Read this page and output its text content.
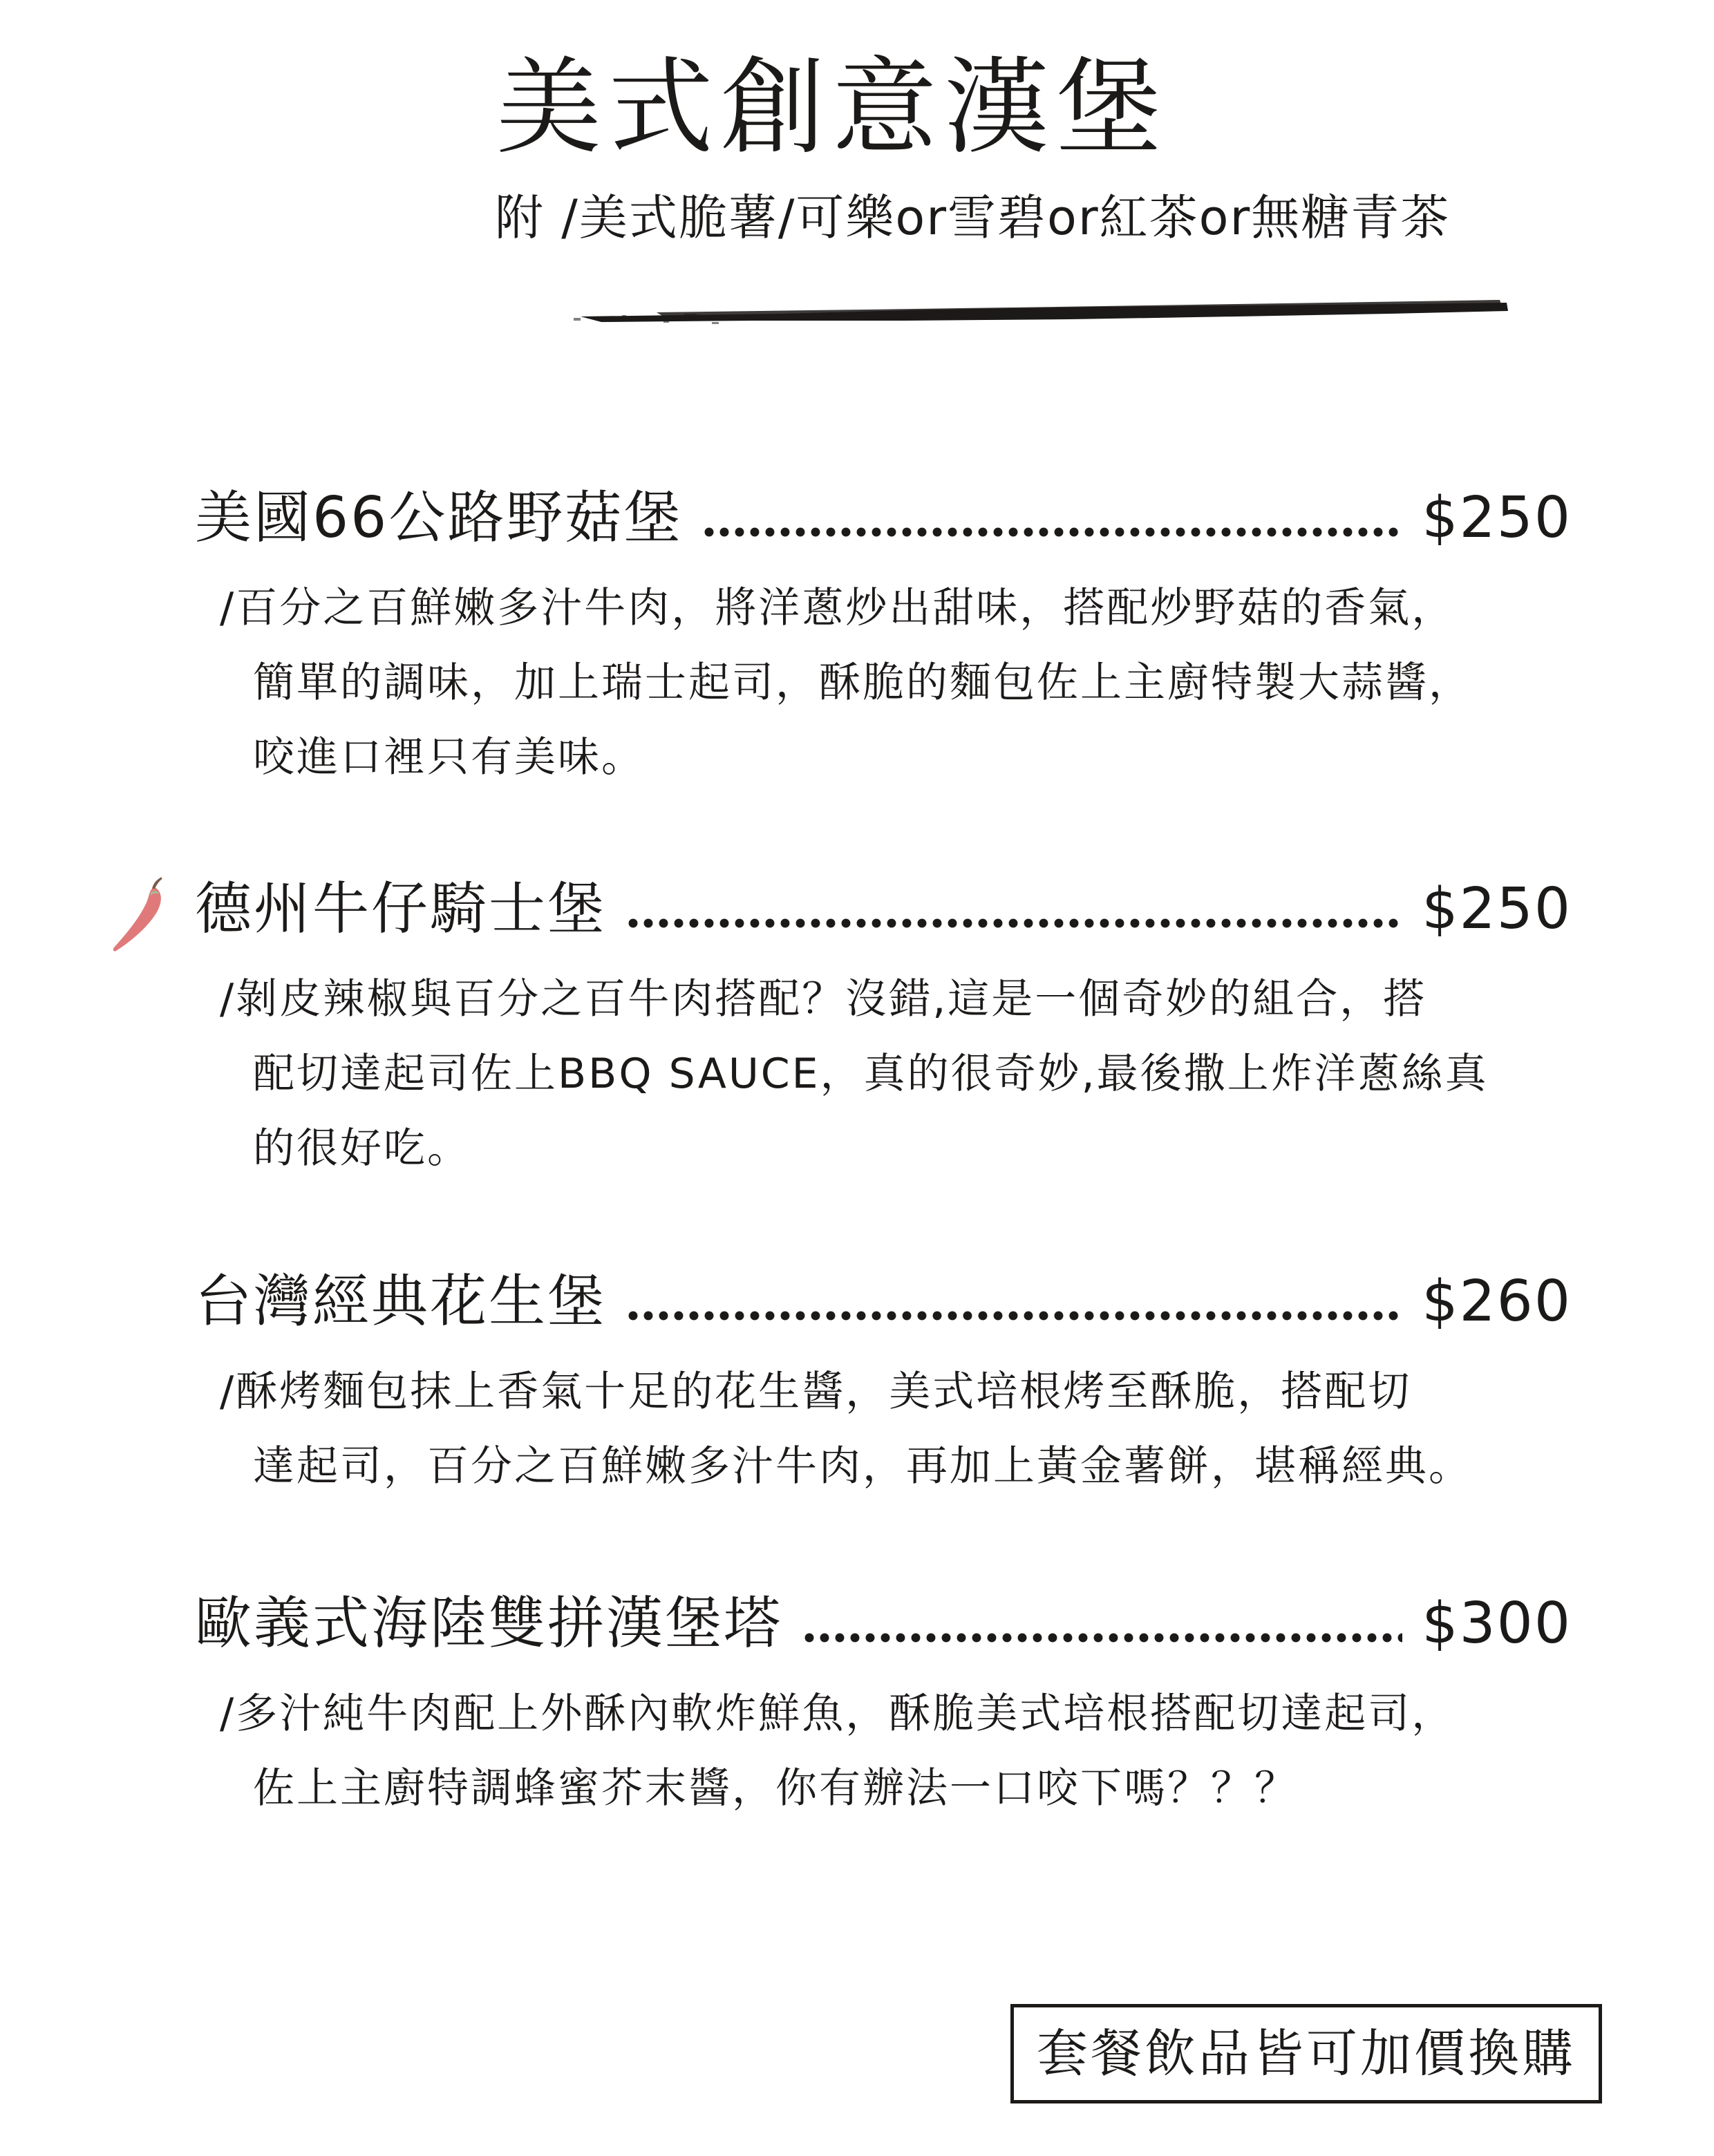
美式創意漢堡
附 /美式脆薯/可樂or雪碧or紅茶or無糖青茶
美國66公路野菇堡	$250
/百分之百鮮嫩多汁牛肉，將洋蔥炒出甜味，搭配炒野菇的香氣，
簡單的調味，加上瑞士起司，酥脆的麵包佐上主廚特製大蒜醬，
咬進口裡只有美味。
德州牛仔騎士堡	$250
/剝皮辣椒與百分之百牛肉搭配？沒錯,這是一個奇妙的組合，搭
配切達起司佐上BBQ SAUCE，真的很奇妙,最後撒上炸洋蔥絲真
的很好吃。
台灣經典花生堡	$260
/酥烤麵包抹上香氣十足的花生醬，美式培根烤至酥脆，搭配切
達起司，百分之百鮮嫩多汁牛肉，再加上黃金薯餅，堪稱經典。
歐義式海陸雙拼漢堡塔	$300
/多汁純牛肉配上外酥內軟炸鮮魚，酥脆美式培根搭配切達起司，
佐上主廚特調蜂蜜芥末醬，你有辦法一口咬下嗎？？？
套餐飲品皆可加價換購
